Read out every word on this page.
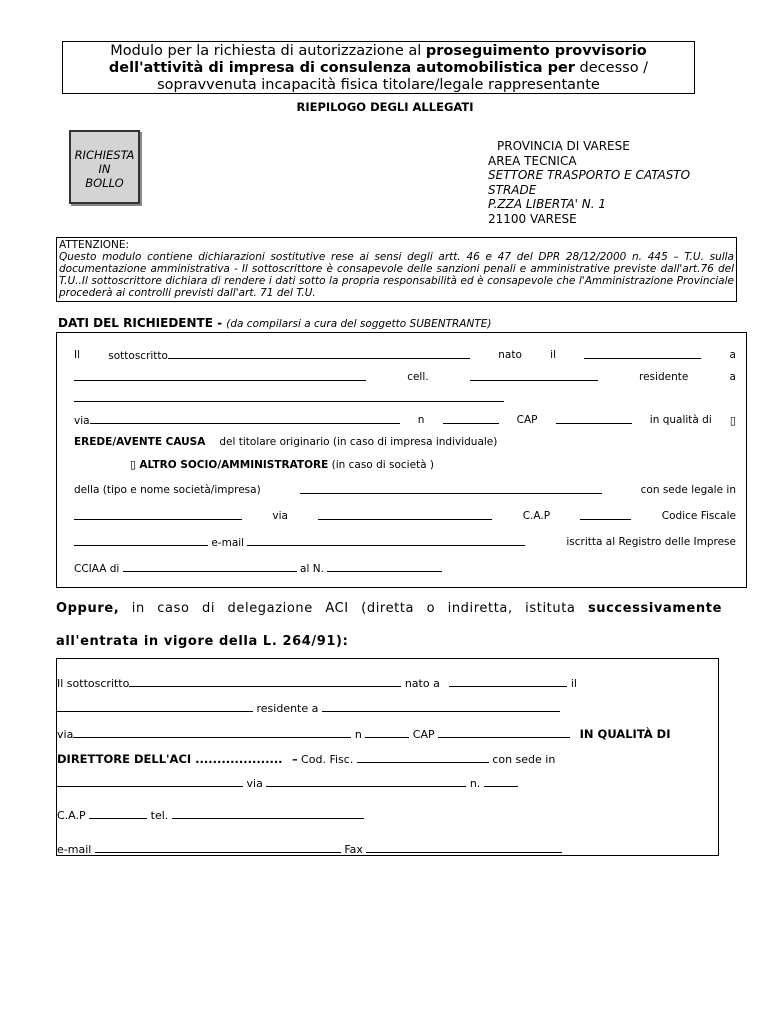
Modulo per la richiesta di autorizzazione al proseguimento provvisorio
dell'attività di impresa di consulenza automobilistica per decesso /
sopravvenuta incapacità fisica titolare/legale rappresentante
RIEPILOGO DEGLI ALLEGATI
RICHIESTA
IN
BOLLO
PROVINCIA DI VARESE
AREA TECNICA
SETTORE TRASPORTO E CATASTO
STRADE
P.ZZA LIBERTA' N. 1
21100 VARESE
ATTENZIONE:
Questo modulo contiene dichiarazioni sostitutive rese ai sensi degli artt. 46 e 47 del DPR 28/12/2000 n. 445 – T.U. sulla documentazione amministrativa - Il sottoscrittore è consapevole delle sanzioni penali e amministrative previste dall'art.76 del T.U..Il sottoscrittore dichiara di rendere i dati sotto la propria responsabilità ed è consapevole che l'Amministrazione Provinciale procederà ai controlli previsti dall'art. 71 del T.U.
DATI DEL RICHIEDENTE - (da compilarsi a cura del soggetto SUBENTRANTE)
Il	sottoscritto	nato	il	a
cell.	residente	a
via	n	CAP	in qualità di ▯
EREDE/AVENTE CAUSA del titolare originario (in caso di impresa individuale)
▯ ALTRO SOCIO/AMMINISTRATORE (in caso di società )
della (tipo e nome società/impresa)	con sede legale in
via	C.A.P	Codice Fiscale
e-mail	iscritta al Registro delle Imprese
CCIAA di	al N.
Oppure, in caso di delegazione ACI (diretta o indiretta, istituta successivamente
all'entrata in vigore della L. 264/91):
Il sottoscritto	nato a	il
residente a
via	n	CAP	IN QUALITÀ DI
DIRETTORE DELL'ACI .................... – Cod. Fisc.	con sede in
via	n.
C.A.P	tel.
e-mail	Fax
